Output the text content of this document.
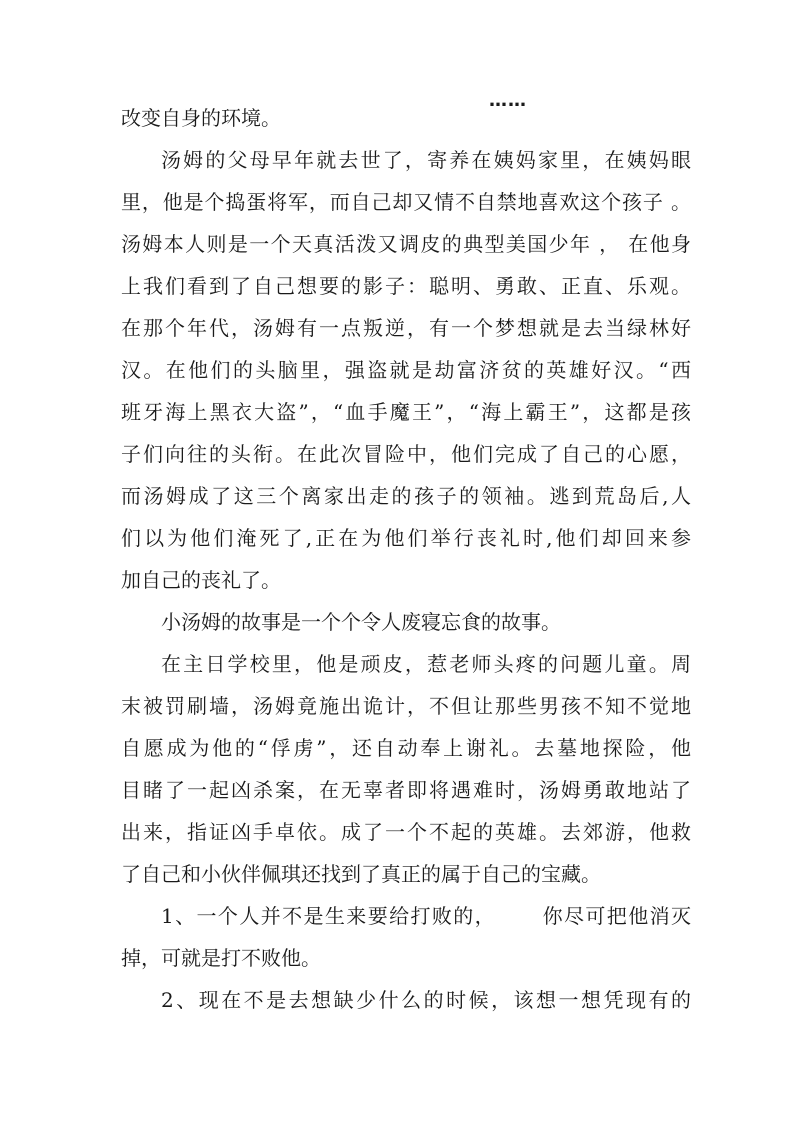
……
改变自身的环境。
汤姆的父母早年就去世了，寄养在姨妈家里，在姨妈眼
里，他是个捣蛋将军，而自己却又情不自禁地喜欢这个孩子 。
汤姆本人则是一个天真活泼又调皮的典型美国少年 ， 在他身
上我们看到了自己想要的影子：聪明、勇敢、正直、乐观。
在那个年代，汤姆有一点叛逆，有一个梦想就是去当绿林好
汉。在他们的头脑里，强盗就是劫富济贫的英雄好汉。“西
班牙海上黑衣大盗”，“血手魔王”，“海上霸王”，这都是孩
子们向往的头衔。在此次冒险中，他们完成了自己的心愿，
而汤姆成了这三个离家出走的孩子的领袖。逃到荒岛后,人
们以为他们淹死了,正在为他们举行丧礼时,他们却回来参
加自己的丧礼了。
小汤姆的故事是一个个令人废寝忘食的故事。
在主日学校里，他是顽皮，惹老师头疼的问题儿童。周
末被罚刷墙，汤姆竟施出诡计，不但让那些男孩不知不觉地
自愿成为他的“俘虏”，还自动奉上谢礼。去墓地探险，他
目睹了一起凶杀案，在无辜者即将遇难时，汤姆勇敢地站了
出来，指证凶手卓依。成了一个不起的英雄。去郊游，他救
了自己和小伙伴佩琪还找到了真正的属于自己的宝藏。
1、一个人并不是生来要给打败的，      你尽可把他消灭
掉，可就是打不败他。
2、现在不是去想缺少什么的时候，该想一想凭现有的
